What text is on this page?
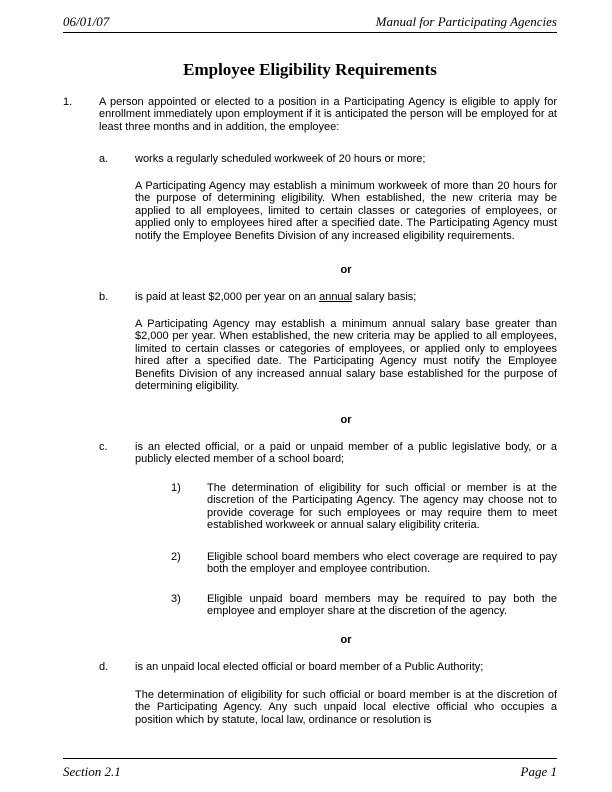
06/01/07	Manual for Participating Agencies
Employee Eligibility Requirements
1. A person appointed or elected to a position in a Participating Agency is eligible to apply for enrollment immediately upon employment if it is anticipated the person will be employed for at least three months and in addition, the employee:
a. works a regularly scheduled workweek of 20 hours or more;
A Participating Agency may establish a minimum workweek of more than 20 hours for the purpose of determining eligibility. When established, the new criteria may be applied to all employees, limited to certain classes or categories of employees, or applied only to employees hired after a specified date. The Participating Agency must notify the Employee Benefits Division of any increased eligibility requirements.
or
b. is paid at least $2,000 per year on an annual salary basis;
A Participating Agency may establish a minimum annual salary base greater than $2,000 per year. When established, the new criteria may be applied to all employees, limited to certain classes or categories of employees, or applied only to employees hired after a specified date. The Participating Agency must notify the Employee Benefits Division of any increased annual salary base established for the purpose of determining eligibility.
or
c. is an elected official, or a paid or unpaid member of a public legislative body, or a publicly elected member of a school board;
1) The determination of eligibility for such official or member is at the discretion of the Participating Agency. The agency may choose not to provide coverage for such employees or may require them to meet established workweek or annual salary eligibility criteria.
2) Eligible school board members who elect coverage are required to pay both the employer and employee contribution.
3) Eligible unpaid board members may be required to pay both the employee and employer share at the discretion of the agency.
or
d. is an unpaid local elected official or board member of a Public Authority;
The determination of eligibility for such official or board member is at the discretion of the Participating Agency. Any such unpaid local elective official who occupies a position which by statute, local law, ordinance or resolution is
Section 2.1	Page 1
